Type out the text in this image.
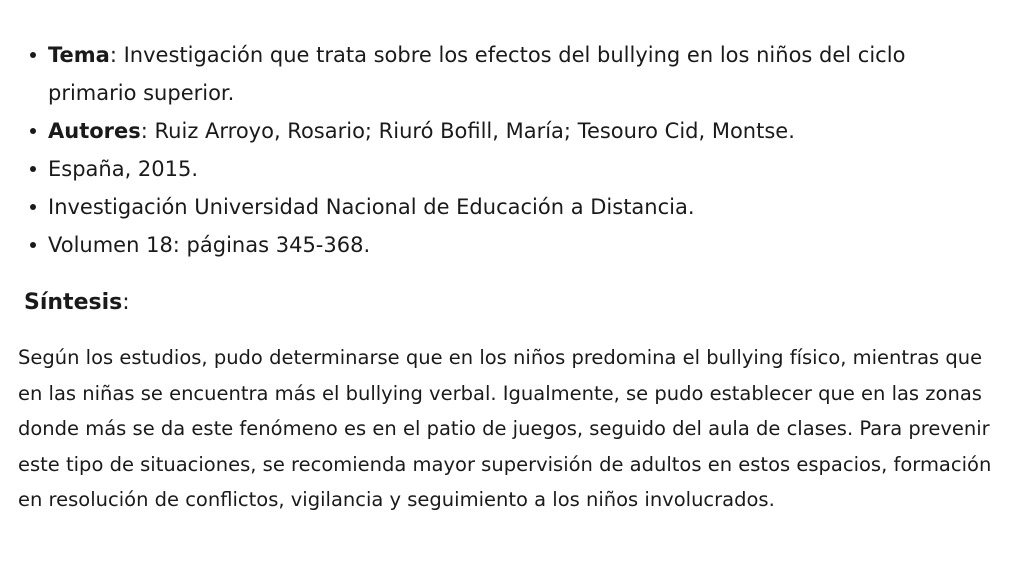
Tema: Investigación que trata sobre los efectos del bullying en los niños del ciclo primario superior.
Autores: Ruiz Arroyo, Rosario; Riuró Bofill, María; Tesouro Cid, Montse.
España, 2015.
Investigación Universidad Nacional de Educación a Distancia.
Volumen 18: páginas 345-368.
Síntesis:

Según los estudios, pudo determinarse que en los niños predomina el bullying físico, mientras que en las niñas se encuentra más el bullying verbal. Igualmente, se pudo establecer que en las zonas donde más se da este fenómeno es en el patio de juegos, seguido del aula de clases. Para prevenir este tipo de situaciones, se recomienda mayor supervisión de adultos en estos espacios, formación en resolución de conflictos, vigilancia y seguimiento a los niños involucrados.
